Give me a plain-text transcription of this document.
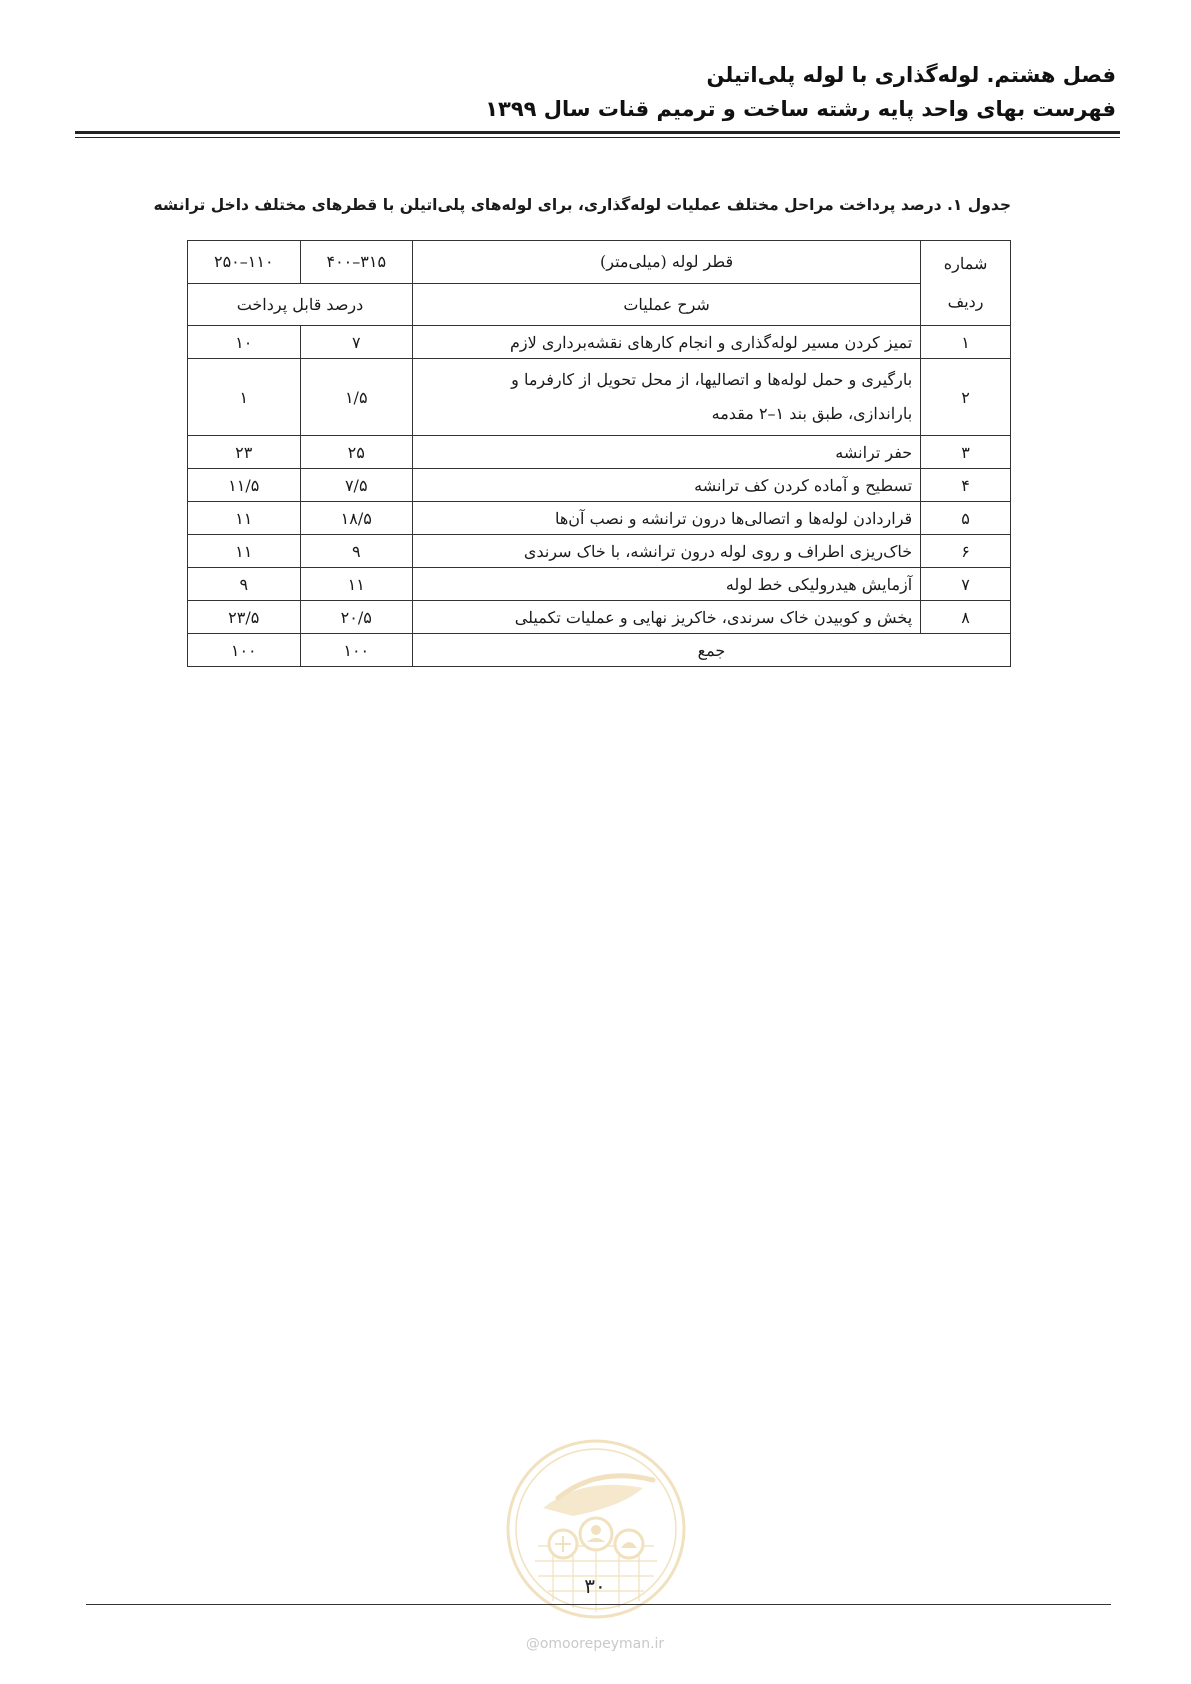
فصل هشتم. لوله‌گذاری با لوله پلی‌اتیلن
فهرست بهای واحد پایه رشته ساخت و ترمیم قنات سال ۱۳۹۹
جدول ۱. درصد پرداخت مراحل مختلف عملیات لوله‌گذاری، برای لوله‌های پلی‌اتیلن با قطرهای مختلف داخل ترانشه
شماره
ردیف	قطر لوله (میلی‌متر)	۳۱۵–۴۰۰	۱۱۰–۲۵۰
	شرح عملیات	درصد قابل پرداخت	
۱	تمیز کردن مسیر لوله‌گذاری و انجام کارهای نقشه‌برداری لازم	۷	۱۰
۲	بارگیری و حمل لوله‌ها و اتصالیها، از محل تحویل از کارفرما و
باراندازی، طبق بند ۱–۲ مقدمه	۱/۵	۱
۳	حفر ترانشه	۲۵	۲۳
۴	تسطیح و آماده کردن کف ترانشه	۷/۵	۱۱/۵
۵	قراردادن لوله‌ها و اتصالی‌ها درون ترانشه و نصب آن‌ها	۱۸/۵	۱۱
۶	خاک‌ریزی اطراف و روی لوله درون ترانشه، با خاک سرندی	۹	۱۱
۷	آزمایش هیدرولیکی خط لوله	۱۱	۹
۸	پخش و کوبیدن خاک سرندی، خاکریز نهایی و عملیات تکمیلی	۲۰/۵	۲۳/۵
جمع		۱۰۰	۱۰۰
۳۰
@omoorepeyman.ir
